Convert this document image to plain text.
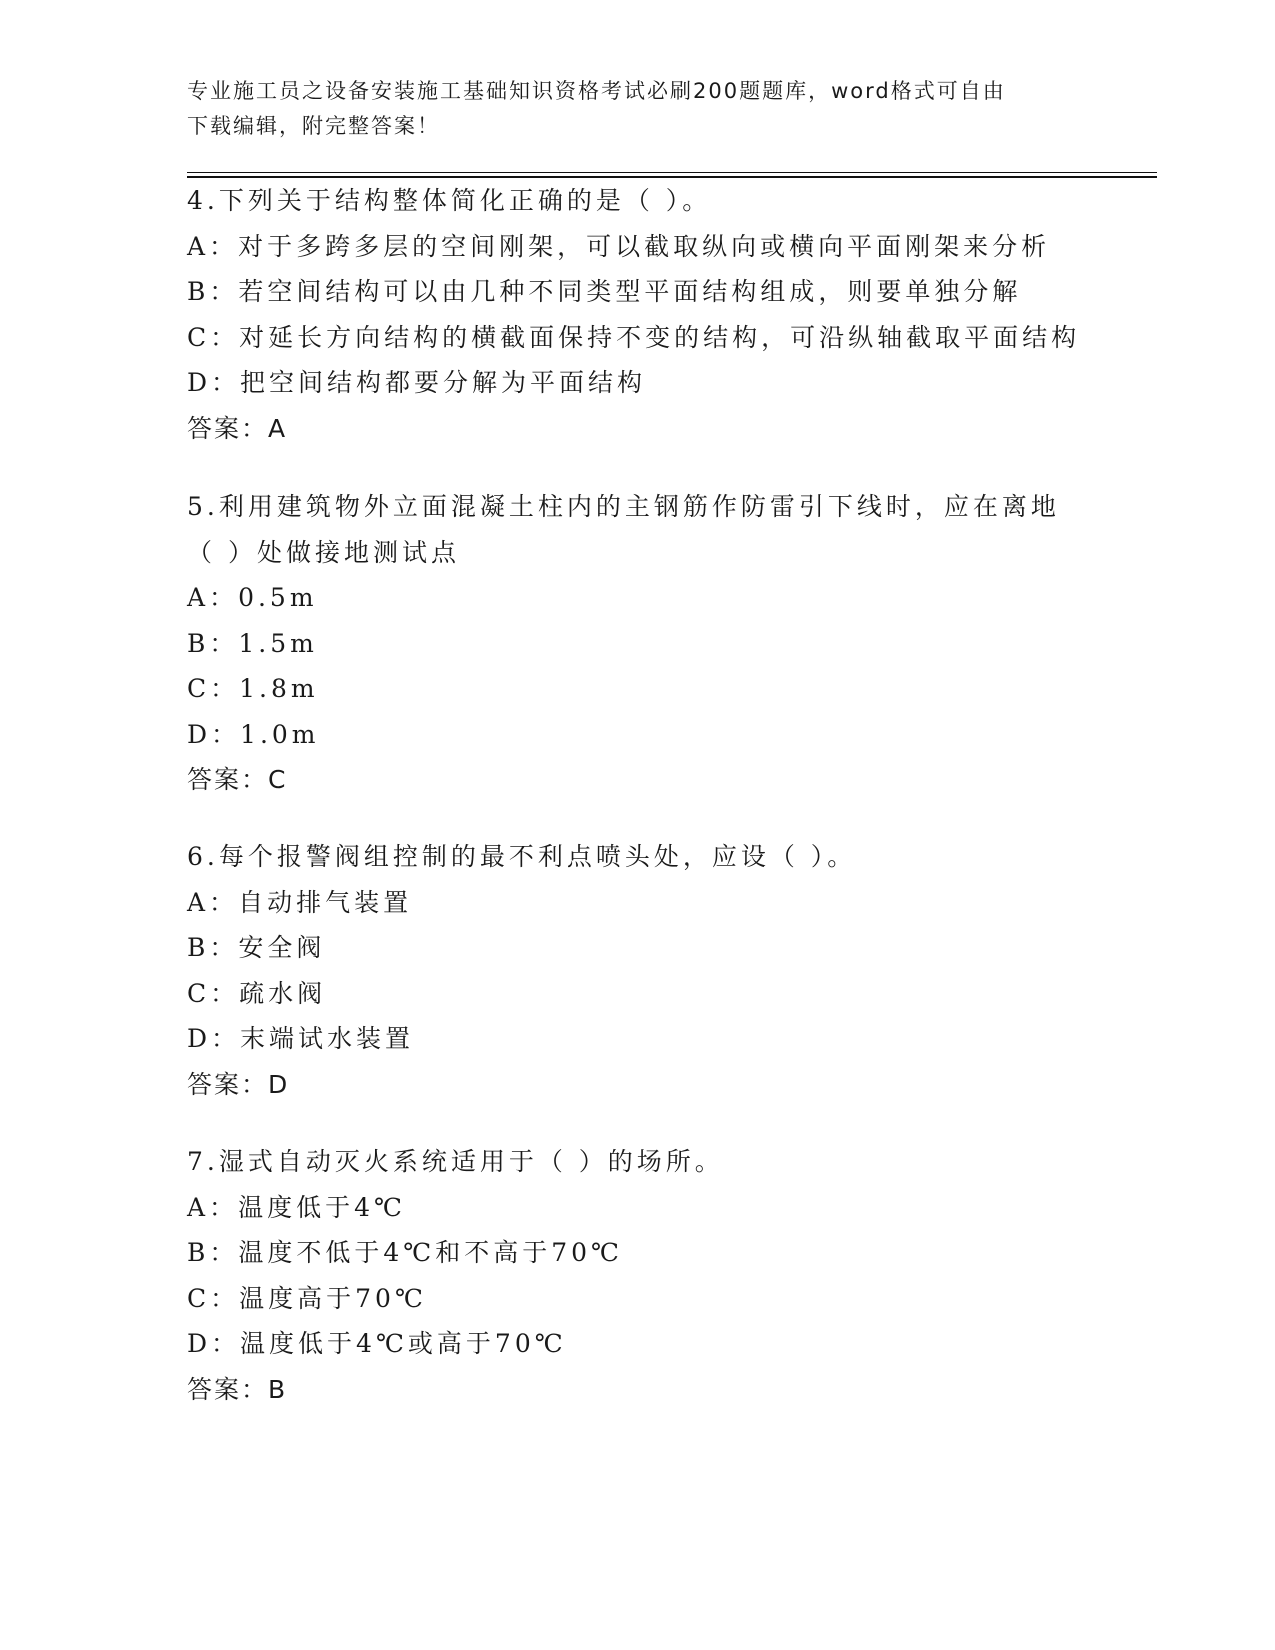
专业施工员之设备安装施工基础知识资格考试必刷200题题库，word格式可自由
下载编辑，附完整答案！
4.下列关于结构整体简化正确的是（ ）。
A：对于多跨多层的空间刚架，可以截取纵向或横向平面刚架来分析
B：若空间结构可以由几种不同类型平面结构组成，则要单独分解
C：对延长方向结构的横截面保持不变的结构，可沿纵轴截取平面结构
D：把空间结构都要分解为平面结构
答案：A
5.利用建筑物外立面混凝土柱内的主钢筋作防雷引下线时，应在离地
（ ）处做接地测试点
A：0.5m
B：1.5m
C：1.8m
D：1.0m
答案：C
6.每个报警阀组控制的最不利点喷头处，应设（ ）。
A：自动排气装置
B：安全阀
C：疏水阀
D：末端试水装置
答案：D
7.湿式自动灭火系统适用于（ ）的场所。
A：温度低于4℃
B：温度不低于4℃和不高于70℃
C：温度高于70℃
D：温度低于4℃或高于70℃
答案：B
